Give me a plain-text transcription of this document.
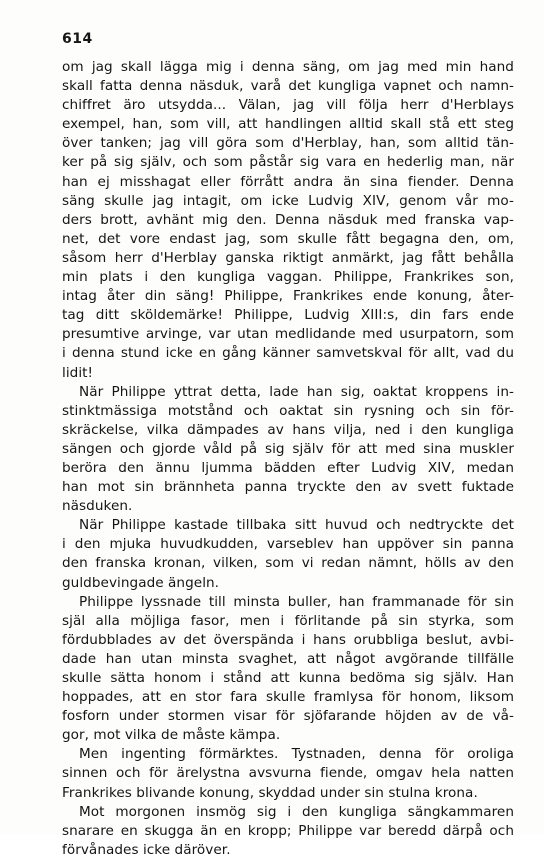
614
om jag skall lägga mig i denna säng, om jag med min hand
skall fatta denna näsduk, varå det kungliga vapnet och namn-
chiffret äro utsydda... Välan, jag vill följa herr d'Herblays
exempel, han, som vill, att handlingen alltid skall stå ett steg
över tanken; jag vill göra som d'Herblay, han, som alltid tän-
ker på sig själv, och som påstår sig vara en hederlig man, när
han ej misshagat eller förrått andra än sina fiender. Denna
säng skulle jag intagit, om icke Ludvig XIV, genom vår mo-
ders brott, avhänt mig den. Denna näsduk med franska vap-
net, det vore endast jag, som skulle fått begagna den, om,
såsom herr d'Herblay ganska riktigt anmärkt, jag fått behålla
min plats i den kungliga vaggan. Philippe, Frankrikes son,
intag åter din säng! Philippe, Frankrikes ende konung, åter-
tag ditt sköldemärke! Philippe, Ludvig XIII:s, din fars ende
presumtive arvinge, var utan medlidande med usurpatorn, som
i denna stund icke en gång känner samvetskval för allt, vad du
lidit!
När Philippe yttrat detta, lade han sig, oaktat kroppens in-
stinktmässiga motstånd och oaktat sin rysning och sin för-
skräckelse, vilka dämpades av hans vilja, ned i den kungliga
sängen och gjorde våld på sig själv för att med sina muskler
beröra den ännu ljumma bädden efter Ludvig XIV, medan
han mot sin brännheta panna tryckte den av svett fuktade
näsduken.
När Philippe kastade tillbaka sitt huvud och nedtryckte det
i den mjuka huvudkudden, varseblev han uppöver sin panna
den franska kronan, vilken, som vi redan nämnt, hölls av den
guldbevingade ängeln.
Philippe lyssnade till minsta buller, han frammanade för sin
själ alla möjliga fasor, men i förlitande på sin styrka, som
fördubblades av det överspända i hans orubbliga beslut, avbi-
dade han utan minsta svaghet, att något avgörande tillfälle
skulle sätta honom i stånd att kunna bedöma sig själv. Han
hoppades, att en stor fara skulle framlysa för honom, liksom
fosforn under stormen visar för sjöfarande höjden av de vå-
gor, mot vilka de måste kämpa.
Men ingenting förmärktes. Tystnaden, denna för oroliga
sinnen och för ärelystna avsvurna fiende, omgav hela natten
Frankrikes blivande konung, skyddad under sin stulna krona.
Mot morgonen insmög sig i den kungliga sängkammaren
snarare en skugga än en kropp; Philippe var beredd därpå och
förvånades icke däröver.
